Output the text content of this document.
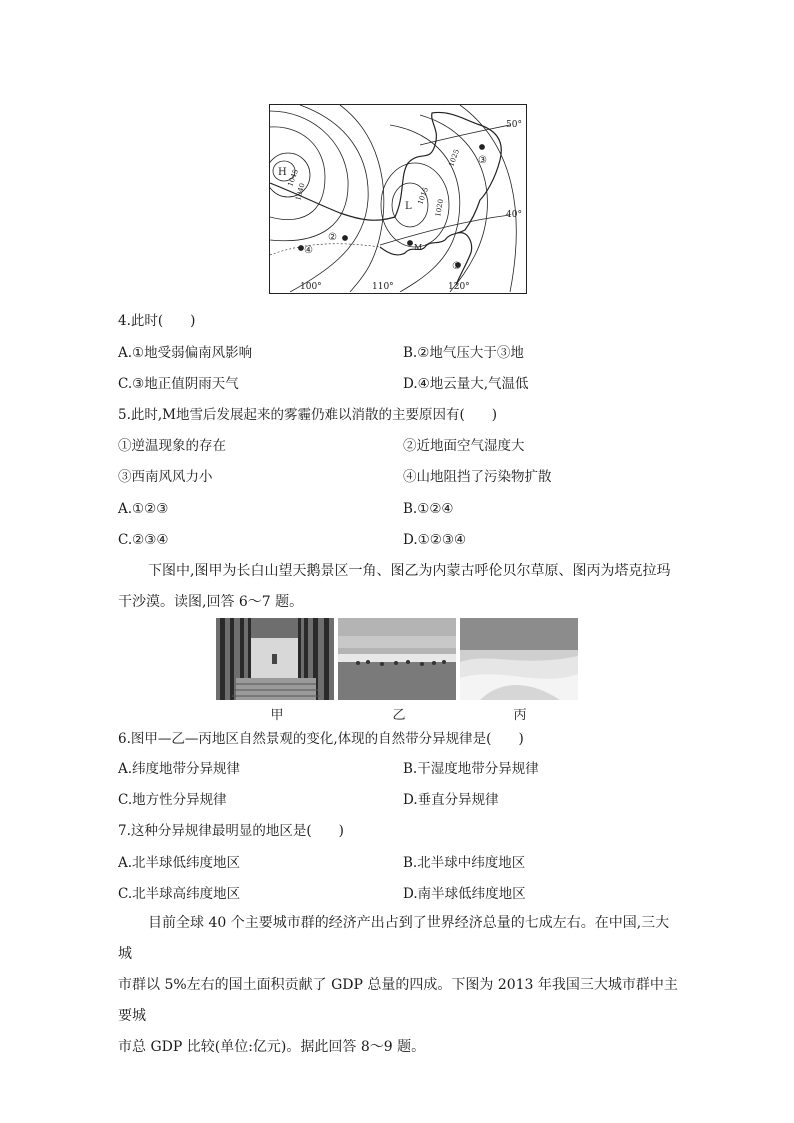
H
L
1045
1040
1025
1015
1020
100°	110°	120°
50°
40°
①
②
③
④	M
4.此时(　　)
A.①地受弱偏南风影响	B.②地气压大于③地
C.③地正值阴雨天气	D.④地云量大,气温低
5.此时,M地雪后发展起来的雾霾仍难以消散的主要原因有(　　)
①逆温现象的存在	②近地面空气湿度大
③西南风风力小	④山地阻挡了污染物扩散
A.①②③	B.①②④
C.②③④	D.①②③④
下图中,图甲为长白山望天鹅景区一角、图乙为内蒙古呼伦贝尔草原、图丙为塔克拉玛
干沙漠。读图,回答 6～7 题。
甲	乙	丙
6.图甲—乙—丙地区自然景观的变化,体现的自然带分异规律是(　　)
A.纬度地带分异规律	B.干湿度地带分异规律
C.地方性分异规律	D.垂直分异规律
7.这种分异规律最明显的地区是(　　)
A.北半球低纬度地区	B.北半球中纬度地区
C.北半球高纬度地区	D.南半球低纬度地区
目前全球 40 个主要城市群的经济产出占到了世界经济总量的七成左右。在中国,三大城
市群以 5%左右的国土面积贡献了 GDP 总量的四成。下图为 2013 年我国三大城市群中主要城
市总 GDP 比较(单位:亿元)。据此回答 8～9 题。
